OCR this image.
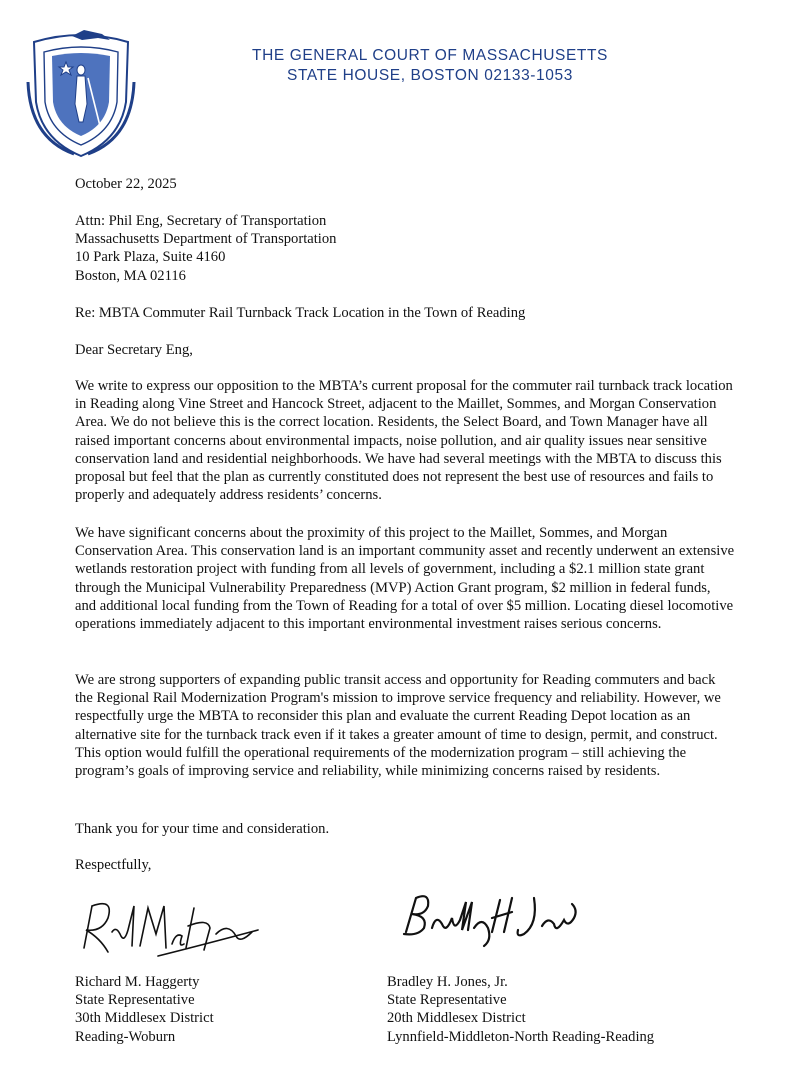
THE GENERAL COURT OF MASSACHUSETTS
STATE HOUSE, BOSTON 02133-1053
October 22, 2025
Attn: Phil Eng, Secretary of Transportation
Massachusetts Department of Transportation
10 Park Plaza, Suite 4160
Boston, MA 02116
Re: MBTA Commuter Rail Turnback Track Location in the Town of Reading
Dear Secretary Eng,

We write to express our opposition to the MBTA’s current proposal for the commuter rail turnback track location in Reading along Vine Street and Hancock Street, adjacent to the Maillet, Sommes, and Morgan Conservation Area. We do not believe this is the correct location. Residents, the Select Board, and Town Manager have all raised important concerns about environmental impacts, noise pollution, and air quality issues near sensitive conservation land and residential neighborhoods. We have had several meetings with the MBTA to discuss this proposal but feel that the plan as currently constituted does not represent the best use of resources and fails to properly and adequately address residents’ concerns.

We have significant concerns about the proximity of this project to the Maillet, Sommes, and Morgan Conservation Area. This conservation land is an important community asset and recently underwent an extensive wetlands restoration project with funding from all levels of government, including a $2.1 million state grant through the Municipal Vulnerability Preparedness (MVP) Action Grant program, $2 million in federal funds, and additional local funding from the Town of Reading for a total of over $5 million. Locating diesel locomotive operations immediately adjacent to this important environmental investment raises serious concerns.

We are strong supporters of expanding public transit access and opportunity for Reading commuters and back the Regional Rail Modernization Program's mission to improve service frequency and reliability. However, we respectfully urge the MBTA to reconsider this plan and evaluate the current Reading Depot location as an alternative site for the turnback track even if it takes a greater amount of time to design, permit, and construct. This option would fulfill the operational requirements of the modernization program – still achieving the program’s goals of improving service and reliability, while minimizing concerns raised by residents.

Thank you for your time and consideration.
Respectfully,
Richard M. Haggerty
State Representative
30th Middlesex District
Reading-Woburn
Bradley H. Jones, Jr.
State Representative
20th Middlesex District
Lynnfield-Middleton-North Reading-Reading
